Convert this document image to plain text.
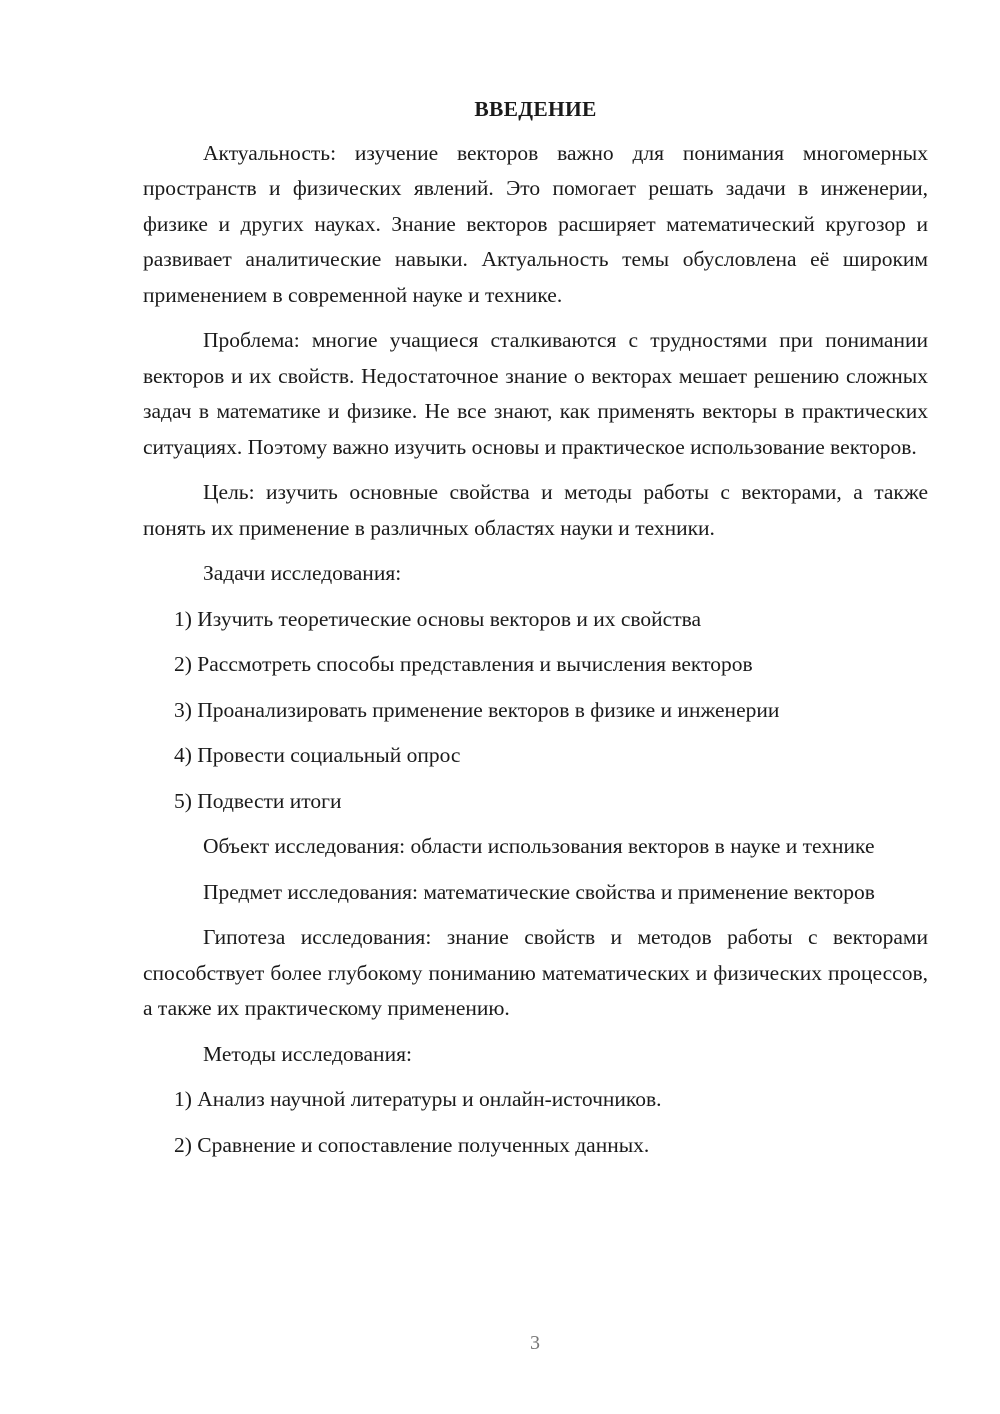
ВВЕДЕНИЕ

Актуальность: изучение векторов важно для понимания многомерных пространств и физических явлений. Это помогает решать задачи в инженерии, физике и других науках. Знание векторов расширяет математический кругозор и развивает аналитические навыки. Актуальность темы обусловлена её широким применением в современной науке и технике.

Проблема: многие учащиеся сталкиваются с трудностями при понимании векторов и их свойств. Недостаточное знание о векторах мешает решению сложных задач в математике и физике. Не все знают, как применять векторы в практических ситуациях. Поэтому важно изучить основы и практическое использование векторов.

Цель: изучить основные свойства и методы работы с векторами, а также понять их применение в различных областях науки и техники.

Задачи исследования:

1) Изучить теоретические основы векторов и их свойства

2) Рассмотреть способы представления и вычисления векторов

3) Проанализировать применение векторов в физике и инженерии

4) Провести социальный опрос

5) Подвести итоги

Объект исследования: области использования векторов в науке и технике

Предмет исследования: математические свойства и применение векторов

Гипотеза исследования: знание свойств и методов работы с векторами способствует более глубокому пониманию математических и физических процессов, а также их практическому применению.

Методы исследования:

1) Анализ научной литературы и онлайн-источников.

2) Сравнение и сопоставление полученных данных.

3
